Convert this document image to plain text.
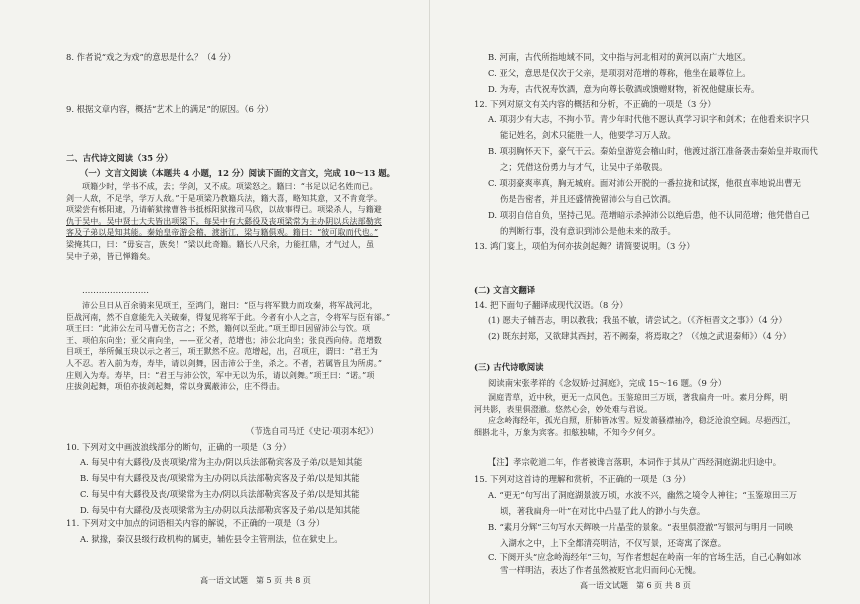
8. 作者说“戏之为戏”的意思是什么？（4 分）
9. 根据文章内容，概括“艺术上的满足”的原因。（6 分）
二、古代诗文阅读（35 分）
（一）文言文阅读（本题共 4 小题，12 分）阅读下面的文言文，完成 10～13 题。
项籍少时，学书不成，去；学剑，又不成。项梁怒之。籍曰：“书足以记名姓而已。
剑一人敌，不足学，学万人敌。”于是项梁乃教籍兵法，籍大喜，略知其意，又不肯竟学。
项梁尝有栎阳逮，乃请蕲狱掾曹咎书抵栎阳狱掾司马欣，以故事得已。项梁杀人，与籍避
仇于吴中。吴中贤士大夫皆出项梁下。每吴中有大繇役及丧项梁常为主办阴以兵法部勒宾
客及子弟以是知其能。秦始皇帝游会稽，渡浙江，梁与籍俱观。籍曰：“彼可取而代也。”
梁掩其口，曰：“毋妄言，族矣！”梁以此奇籍。籍长八尺余，力能扛鼎，才气过人，虽
吴中子弟，皆已惮籍矣。
……………………
沛公旦日从百余骑来见项王，至鸿门，谢曰：“臣与将军戮力而攻秦，将军战河北，
臣战河南，然不自意能先入关破秦，得复见将军于此。今者有小人之言，令将军与臣有郤。”
项王曰：“此沛公左司马曹无伤言之；不然，籍何以至此。”项王即日因留沛公与饮。项
王、项伯东向坐；亚父南向坐，——亚父者，范增也；沛公北向坐；张良西向侍。范增数
目项王，举所佩玉玦以示之者三，项王默然不应。范增起，出，召项庄，谓曰：“君王为
人不忍。若入前为寿，寿毕，请以剑舞，因击沛公于坐，杀之。不者，若属皆且为所虏。”
庄则入为寿。寿毕，曰：“君王与沛公饮，军中无以为乐，请以剑舞。”项王曰：“诺。”项
庄拔剑起舞，项伯亦拔剑起舞，常以身翼蔽沛公，庄不得击。
（节选自司马迁《史记·项羽本纪》）
10. 下列对文中画波浪线部分的断句，正确的一项是（3 分）
A. 每吴中有大繇役/及丧项梁/常为主办/阴以兵法部勒宾客及子弟/以是知其能
B. 每吴中有大繇役及丧/项梁常为主/办阴以兵法部勒宾客及子弟/以是知其能
C. 每吴中有大繇役及丧/项梁常为主办/阴以兵法部勒宾客及子弟/以是知其能
D. 每吴中有大繇役/及丧项梁常为主/办阴以兵法部勒宾客及子弟/以是知其能
11. 下列对文中加点的词语相关内容的解说，不正确的一项是（3 分）
A. 狱掾，秦汉县级行政机构的属吏，辅佐县令主管刑法，位在狱史上。
高一语文试题　第 5 页 共 8 页
B. 河南，古代所指地域不同，文中指与河北相对的黄河以南广大地区。
C. 亚父，意思是仅次于父亲，是项羽对范增的尊称，他坐在最尊位上。
D. 为寿，古代祝寿饮酒，意为向尊长敬酒或馈赠财物，祈祝他健康长寿。
12. 下列对原文有关内容的概括和分析，不正确的一项是（3 分）
A. 项羽少有大志，不拘小节。青少年时代他不愿认真学习识字和剑术；在他看来识字只
能记姓名，剑术只能胜一人，他要学习万人敌。
B. 项羽胸怀天下，豪气干云。秦始皇游览会稽山时，他渡过浙江准备袭击秦始皇并取而代
之；凭借这份勇力与才气，让吴中子弟敬畏。
C. 项羽豪爽率真，胸无城府。面对沛公开脱的一番拉拢和试探，他很直率地说出曹无
伤是告密者，并且还盛情挽留沛公与自己饮酒。
D. 项羽自信自负，坚持己见。范增暗示杀掉沛公以绝后患，他不认同范增；他凭借自己
的判断行事，没有意识到沛公是他未来的敌手。
13. 鸿门宴上，项伯为何亦拔剑起舞？请简要说明。（3 分）
(二) 文言文翻译
14. 把下面句子翻译成现代汉语。（8 分）
(1) 愿夫子辅吾志，明以教我；我虽不敏，请尝试之。（《齐桓晋文之事》）（4 分）
(2) 既东封郑，又欲肆其西封，若不阙秦，将焉取之？（《烛之武退秦师》）（4 分）
(三) 古代诗歌阅读
阅读南宋张孝祥的《念奴娇·过洞庭》，完成 15～16 题。（9 分）
洞庭青草，近中秋，更无一点风色。玉鉴琼田三万顷，著我扁舟一叶。素月分辉，明
河共影，表里俱澄澈。悠然心会，妙处难与君说。
应念岭海经年，孤光自照，肝肺皆冰雪。短发萧骚襟袖冷，稳泛沧浪空阔。尽挹西江，
细斟北斗，万象为宾客。扣舷独啸，不知今夕何夕。
【注】孝宗乾道二年，作者被谗言落职，本词作于其从广西经洞庭湖北归途中。
15. 下列对这首诗的理解和赏析，不正确的一项是（3 分）
A. “更无”句写出了洞庭湖景波万顷，水波不兴，幽然之境令人神往；“玉鉴琼田三万
顷，著我扁舟一叶”在对比中凸显了此人的渺小与失意。
B. “素月分辉”三句写水天辉映一片晶莹的景象。“表里俱澄澈”写银河与明月一同映
入湖水之中，上下全都清亮明洁，不仅写景，还寄寓了深意。
C. 下阕开头“应念岭海经年”三句，写作者想起在岭南一年的官场生活，自己心胸如冰
雪一样明洁，表达了作者虽然被贬官北归而问心无愧。
高一语文试题　第 6 页 共 8 页
